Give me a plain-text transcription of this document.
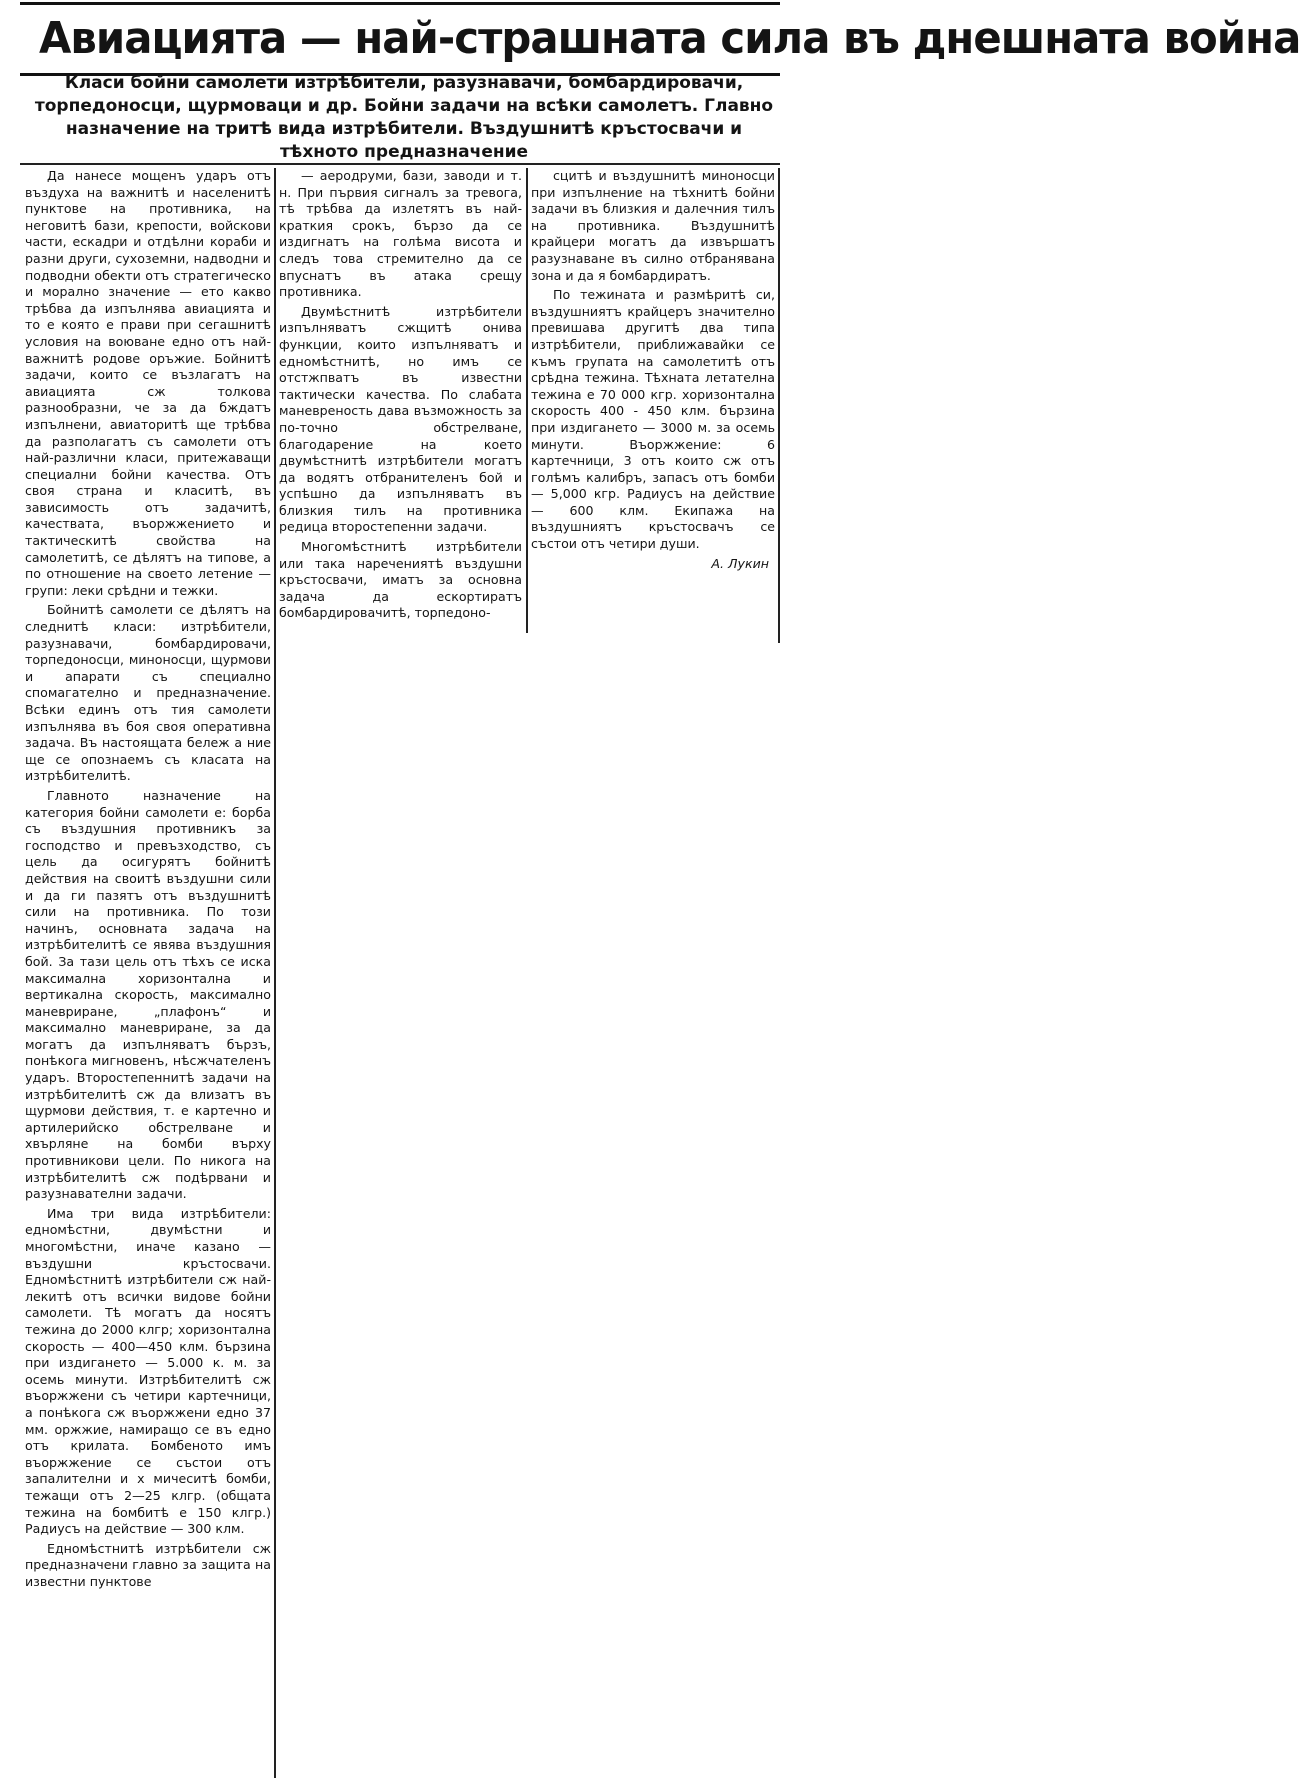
Авиацията — най-страшната сила въ днешната война
Класи бойни самолети изтрѣбители, разузнавачи, бомбардировачи, торпедоносци, щурмоваци и др. Бойни задачи на всѣки самолетъ. Главно назначение на тритѣ вида изтрѣбители. Въздушнитѣ кръстосвачи и тѣхното предназначение

Да нанесе мощенъ ударъ отъ въздуха на важнитѣ и населенитѣ пунктове на противника, на неговитѣ бази, крепости, войскови части, ескадри и отдѣлни кораби и разни други, сухоземни, надводни и подводни обекти отъ стратегическо и морално значение — ето какво трѣбва да изпълнява авиацията и то е която е прави при сегашнитѣ условия на воюване едно отъ най-важнитѣ родове оръжие. Бойнитѣ задачи, които се възлагатъ на авиацията сж толкова разнообразни, че за да бждатъ изпълнени, авиаторитѣ щe трѣбва да разполагатъ съ самолети отъ най-различни класи, притежаващи специални бойни качества. Отъ своя страна и класитѣ, въ зависимость отъ задачитѣ, качествата, въоржжението и тактическитѣ свойства на самолетитѣ, се дѣлятъ на типове, а по отношение на своето летение — групи: леки срѣдни и тежки.

Бойнитѣ самолети се дѣлятъ на следнитѣ класи: изтрѣбители, разузнавачи, бомбардировачи, торпедоносци, миноносци, щурмови и апарати съ специално спомагателно и предназначение. Всѣки единъ отъ тия самолети изпълнява въ боя своя оперативна задача. Въ настоящата бележ а ние ще се опознаемъ съ класата на изтрѣбителитѣ.

Главното назначение на категория бойни самолети е: борба съ въздушния противникъ за господство и превъзходство, съ цель да осигурятъ бойнитѣ действия на своитѣ въздушни сили и да ги пазятъ отъ въздушнитѣ сили на противника. По този начинъ, основната задача на изтрѣбителитѣ се явява въздушния бой. За тази цель отъ тѣхъ се иска максимална хоризонтална и вертикална скорость, максимално маневриране, „плафонъ“ и максимално маневриране, за да могатъ да изпълняватъ бързъ, понѣкога мигновенъ, нѣсжчателенъ ударъ. Второстепеннитѣ задачи на изтрѣбителитѣ сж да влизатъ въ щурмови действия, т. е картечно и артилерийско обстрелване и хвърляне на бомби върху противникови цели. По никога на изтрѣбителитѣ сж подѣрвани и разузнавателни задачи.

Има три вида изтрѣбители: едномѣстни, двумѣстни и многомѣстни, иначе казано — въздушни кръстосвачи. Едномѣстнитѣ изтрѣбители сж най-лекитѣ отъ всички видове бойни самолети. Тѣ могатъ да носятъ тежина до 2000 клгр; хоризонтална скорость — 400—450 клм. бързина при издигането — 5.000 к. м. за осемь минути. Изтрѣбителитѣ сж въоржжени съ четири картечници, а понѣкога сж въоржжени едно 37 мм. оржжие, намиращо се въ едно отъ крилата. Бомбеното имъ въоржжение се състои отъ запалителни и х мичеситѣ бомби, тежащи отъ 2—25 клгр. (общата тежина на бомбитѣ е 150 клгр.) Радиусъ на действие — 300 клм.

Едномѣстнитѣ изтрѣбители сж предназначени главно за защита на известни пунктове

— аеродруми, бази, заводи и т. н. При първия сигналъ за тревога, тѣ трѣбва да излетятъ въ най-краткия срокъ, бързо да се издигнатъ на голѣма висота и следъ това стремително да се впуснатъ въ атака срещу противника.

Двумѣстнитѣ изтрѣбители изпълняватъ сжщитѣ онива функции, които изпълняватъ и едномѣстнитѣ, но имъ се отстжпватъ въ известни тактически качества. По слабата маневреность дава възможность за по-точно обстрелване, благодарение на което двумѣстнитѣ изтрѣбители могатъ да водятъ отбранителенъ бой и успѣшно да изпълняватъ въ близкия тилъ на противника редица второстепенни задачи.

Многомѣстнитѣ изтрѣбители или така наречениятѣ въздушни кръстосвачи, иматъ за основна задача да ескортиратъ бомбардировачитѣ, торпедоно-

сцитѣ и въздушнитѣ миноносци при изпълнение на тѣхнитѣ бойни задачи въ близкия и далечния тилъ на противника. Въздушнитѣ крайцери могатъ да извършатъ разузнаване въ силно отбранявана зона и да я бомбардиратъ.

По тежината и размѣритѣ си, въздушниятъ крайцеръ значително превишава другитѣ два типа изтрѣбители, приближавайки се къмъ групата на самолетитѣ отъ срѣдна тежина. Тѣхната летателна тежина е 70 000 кгр. хоризонтална скорость 400 - 450 клм. бързина при издигането — 3000 м. за осемь минути. Въоржжение: 6 картечници, 3 отъ които сж отъ голѣмъ калибръ, запасъ отъ бомби — 5,000 кгр. Радиусъ на действие — 600 клм. Екипажа на въздушниятъ кръстосвачъ се състои отъ четири души.

А. Лукин
